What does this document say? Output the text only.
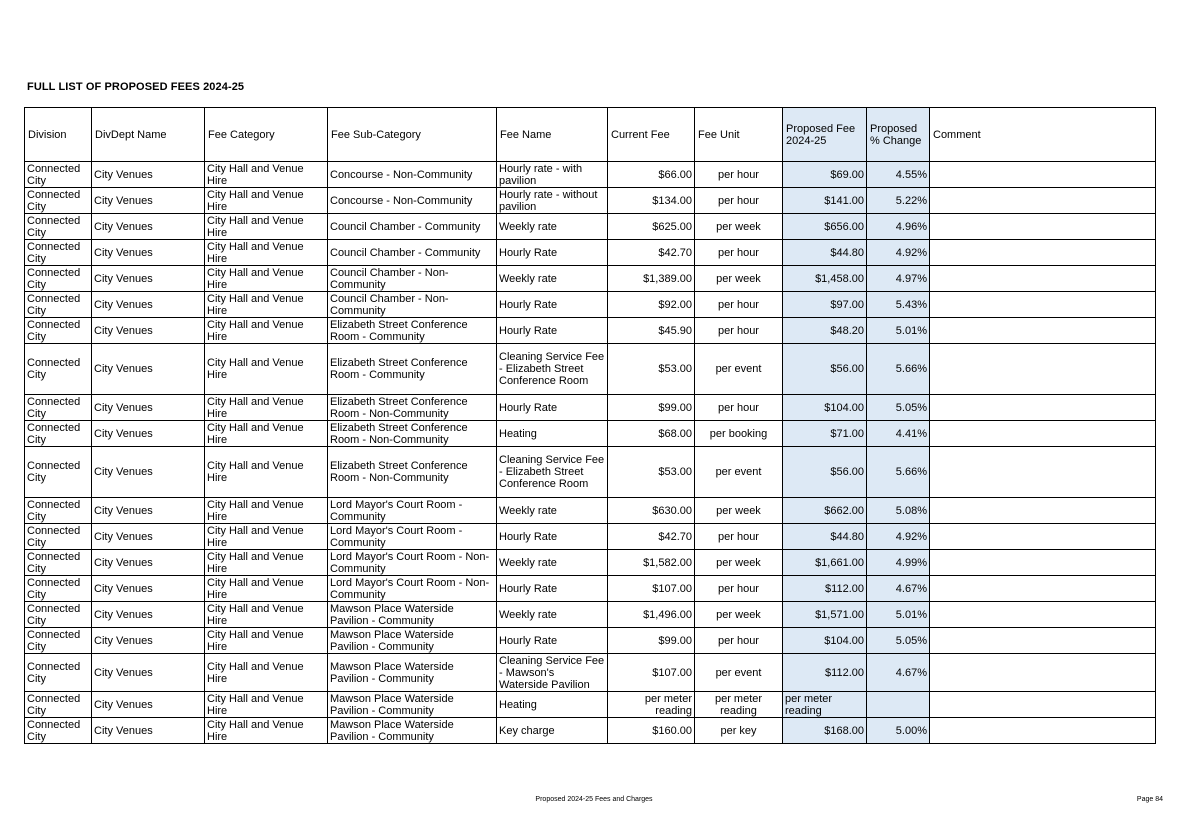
FULL LIST OF PROPOSED FEES 2024-25
Division	DivDept Name	Fee Category	Fee Sub-Category	Fee Name	Current Fee	Fee Unit	Proposed Fee 2024-25	Proposed % Change	Comment
Connected City	City Venues	City Hall and Venue Hire	Concourse - Non-Community	Hourly rate - with pavilion	$66.00	per hour	$69.00	4.55%	
Connected City	City Venues	City Hall and Venue Hire	Concourse - Non-Community	Hourly rate - without pavilion	$134.00	per hour	$141.00	5.22%	
Connected City	City Venues	City Hall and Venue Hire	Council Chamber - Community	Weekly rate	$625.00	per week	$656.00	4.96%	
Connected City	City Venues	City Hall and Venue Hire	Council Chamber - Community	Hourly Rate	$42.70	per hour	$44.80	4.92%	
Connected City	City Venues	City Hall and Venue Hire	Council Chamber - Non-Community	Weekly rate	$1,389.00	per week	$1,458.00	4.97%	
Connected City	City Venues	City Hall and Venue Hire	Council Chamber - Non-Community	Hourly Rate	$92.00	per hour	$97.00	5.43%	
Connected City	City Venues	City Hall and Venue Hire	Elizabeth Street Conference Room - Community	Hourly Rate	$45.90	per hour	$48.20	5.01%	
Connected City	City Venues	City Hall and Venue Hire	Elizabeth Street Conference Room - Community	Cleaning Service Fee - Elizabeth Street Conference Room	$53.00	per event	$56.00	5.66%	
Connected City	City Venues	City Hall and Venue Hire	Elizabeth Street Conference Room - Non-Community	Hourly Rate	$99.00	per hour	$104.00	5.05%	
Connected City	City Venues	City Hall and Venue Hire	Elizabeth Street Conference Room - Non-Community	Heating	$68.00	per booking	$71.00	4.41%	
Connected City	City Venues	City Hall and Venue Hire	Elizabeth Street Conference Room - Non-Community	Cleaning Service Fee - Elizabeth Street Conference Room	$53.00	per event	$56.00	5.66%	
Connected City	City Venues	City Hall and Venue Hire	Lord Mayor's Court Room - Community	Weekly rate	$630.00	per week	$662.00	5.08%	
Connected City	City Venues	City Hall and Venue Hire	Lord Mayor's Court Room - Community	Hourly Rate	$42.70	per hour	$44.80	4.92%	
Connected City	City Venues	City Hall and Venue Hire	Lord Mayor's Court Room - Non-Community	Weekly rate	$1,582.00	per week	$1,661.00	4.99%	
Connected City	City Venues	City Hall and Venue Hire	Lord Mayor's Court Room - Non-Community	Hourly Rate	$107.00	per hour	$112.00	4.67%	
Connected City	City Venues	City Hall and Venue Hire	Mawson Place Waterside Pavilion - Community	Weekly rate	$1,496.00	per week	$1,571.00	5.01%	
Connected City	City Venues	City Hall and Venue Hire	Mawson Place Waterside Pavilion - Community	Hourly Rate	$99.00	per hour	$104.00	5.05%	
Connected City	City Venues	City Hall and Venue Hire	Mawson Place Waterside Pavilion - Community	Cleaning Service Fee - Mawson's Waterside Pavilion	$107.00	per event	$112.00	4.67%	
Connected City	City Venues	City Hall and Venue Hire	Mawson Place Waterside Pavilion - Community	Heating	per meter reading	per meter reading	per meter reading		
Connected City	City Venues	City Hall and Venue Hire	Mawson Place Waterside Pavilion - Community	Key charge	$160.00	per key	$168.00	5.00%	
Proposed 2024-25 Fees and Charges	Page 84
